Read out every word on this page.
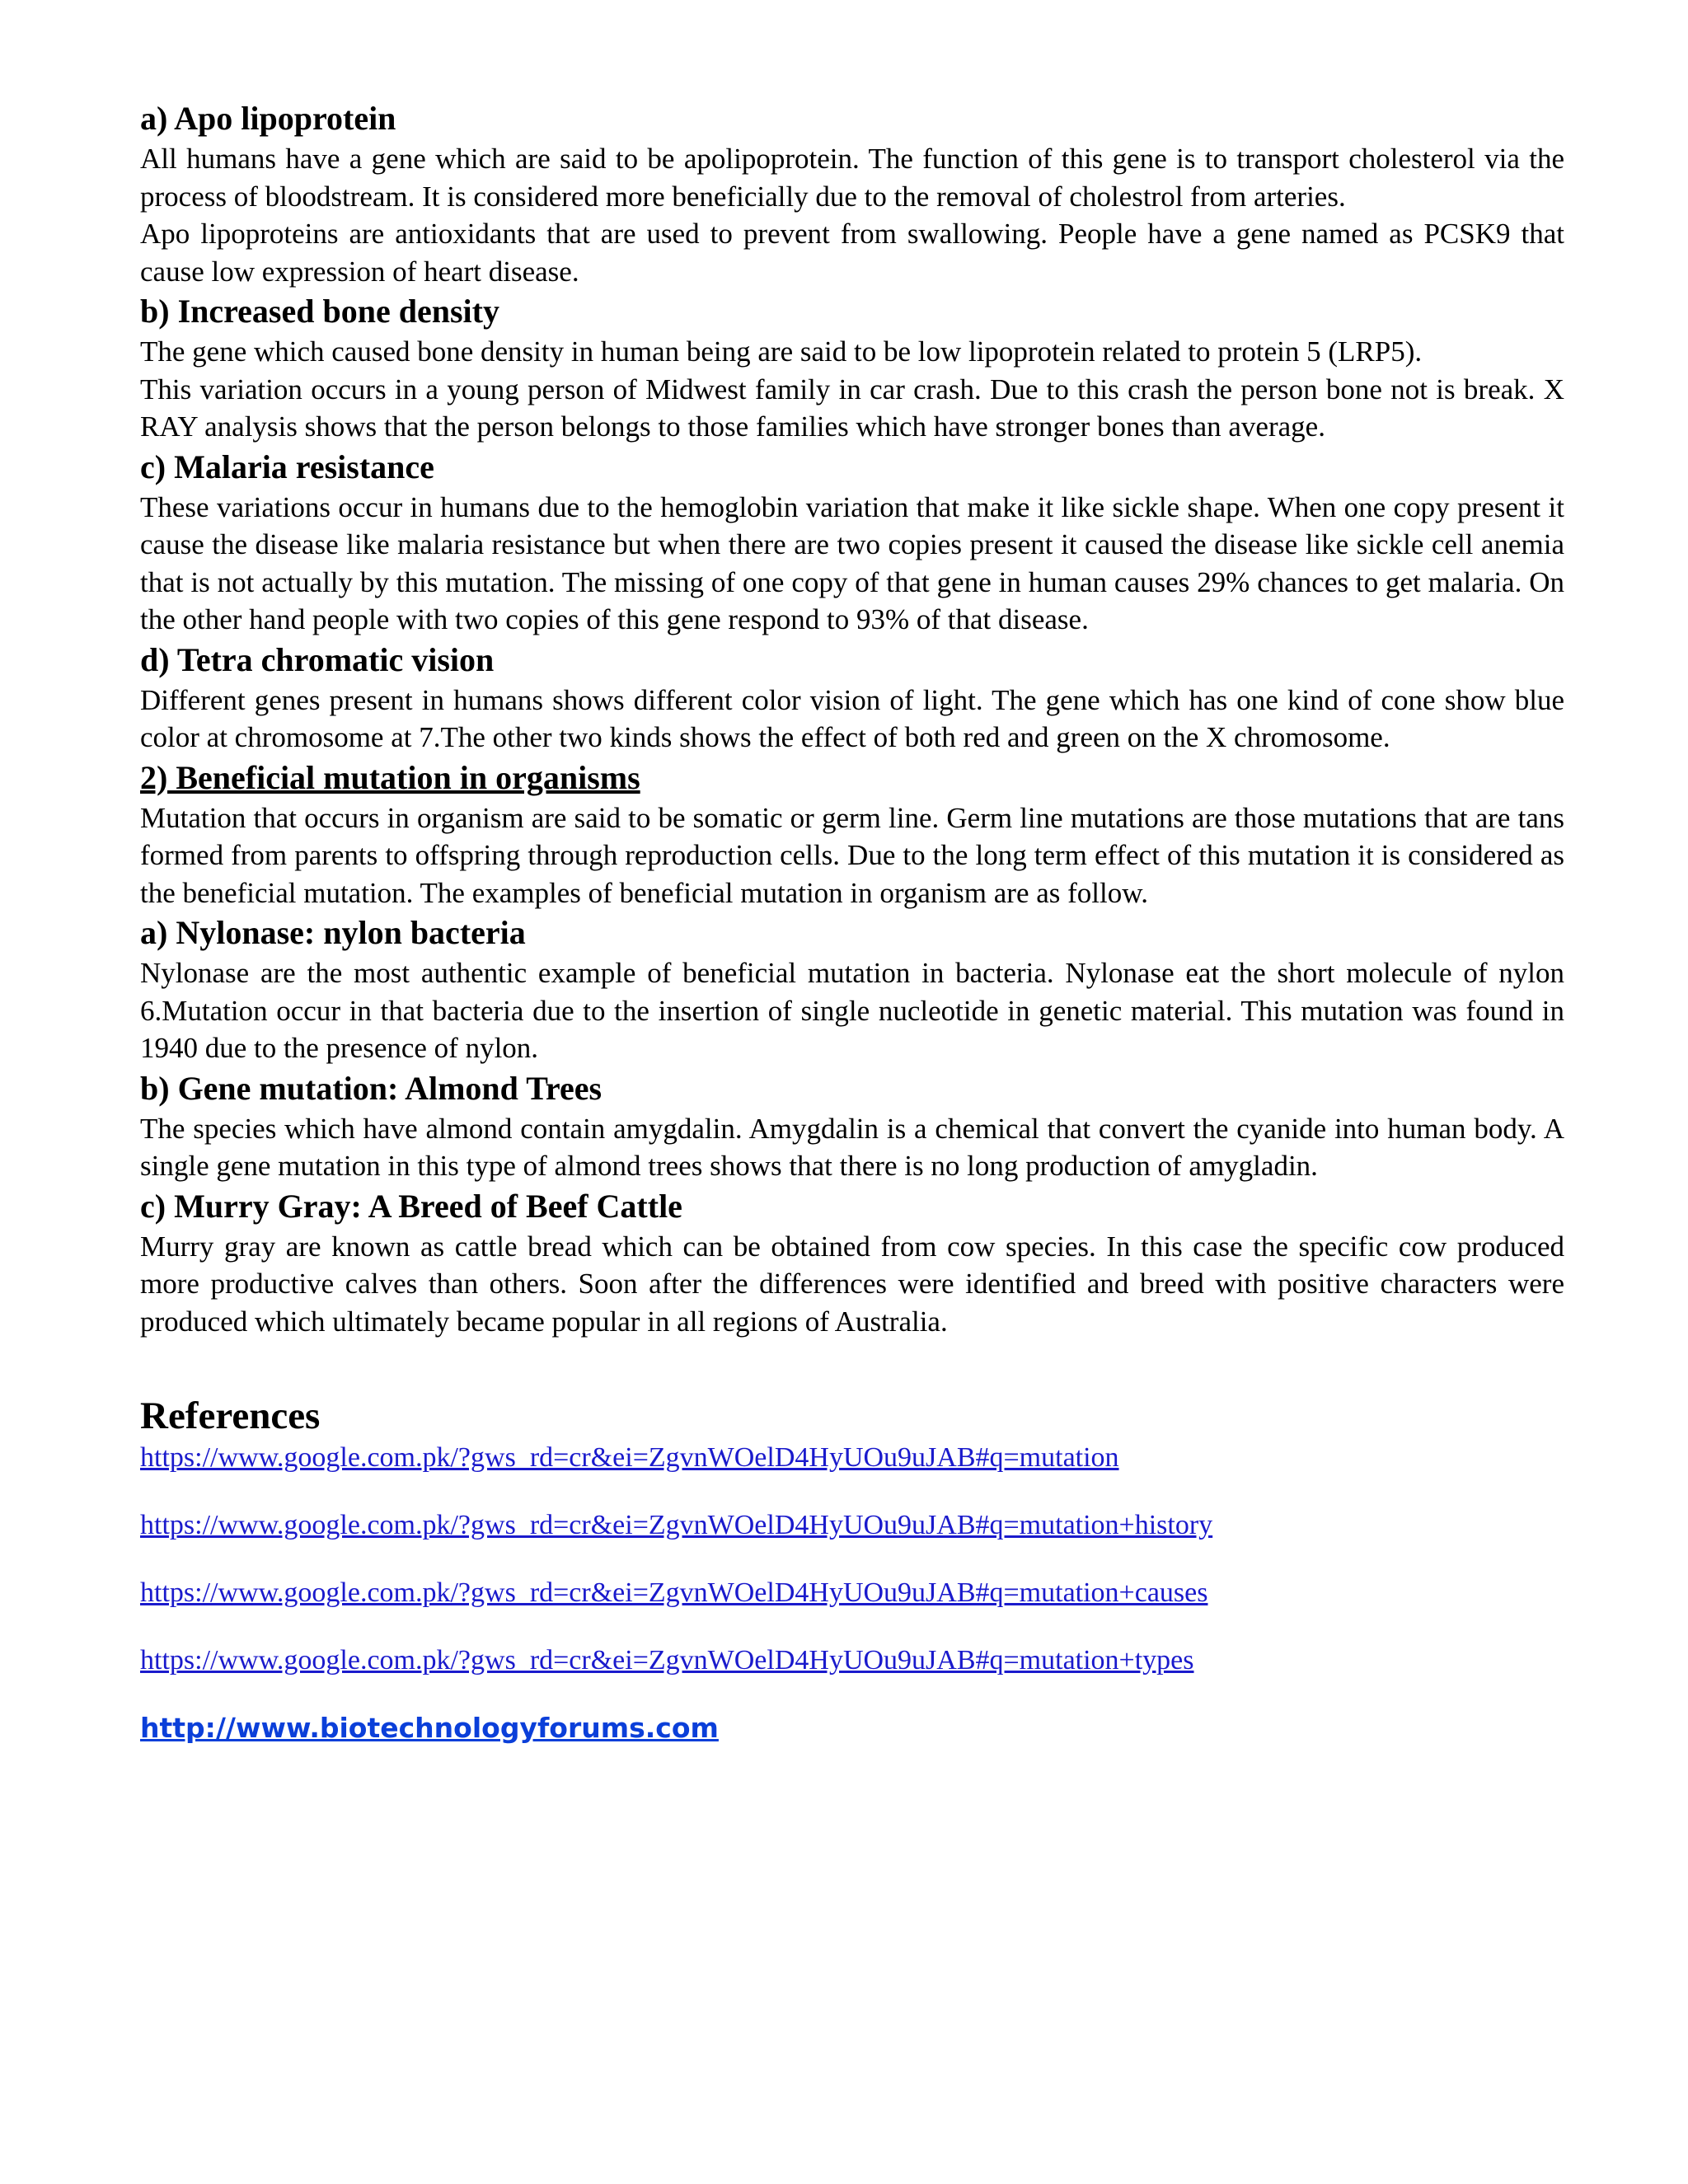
a) Apo lipoprotein

All humans have a gene which are said to be apolipoprotein. The function of this gene is to transport cholesterol via the process of bloodstream. It is considered more beneficially due to the removal of cholestrol from arteries.

Apo lipoproteins are antioxidants that are used to prevent from swallowing. People have a gene named as PCSK9 that cause low expression of heart disease.

b) Increased bone density

The gene which caused bone density in human being are said to be low lipoprotein related to protein 5 (LRP5).

This variation occurs in a young person of Midwest family in car crash. Due to this crash the person bone not is break. X RAY analysis shows that the person belongs to those families which have stronger bones than average.

c) Malaria resistance

These variations occur in humans due to the hemoglobin variation that make it like sickle shape. When one copy present it cause the disease like malaria resistance but when there are two copies present it caused the disease like sickle cell anemia that is not actually by this mutation. The missing of one copy of that gene in human causes 29% chances to get malaria. On the other hand people with two copies of this gene respond to 93% of that disease.

d) Tetra chromatic vision

Different genes present in humans shows different color vision of light. The gene which has one kind of cone show blue color at chromosome at 7.The other two kinds shows the effect of both red and green on the X chromosome.

2) Beneficial mutation in organisms

Mutation that occurs in organism are said to be somatic or germ line. Germ line mutations are those mutations that are tans formed from parents to offspring through reproduction cells. Due to the long term effect of this mutation it is considered as the beneficial mutation. The examples of beneficial mutation in organism are as follow.

a) Nylonase: nylon bacteria

Nylonase are the most authentic example of beneficial mutation in bacteria. Nylonase eat the short molecule of nylon 6.Mutation occur in that bacteria due to the insertion of single nucleotide in genetic material. This mutation was found in 1940 due to the presence of nylon.

b) Gene mutation: Almond Trees

The species which have almond contain amygdalin. Amygdalin is a chemical that convert the cyanide into human body. A single gene mutation in this type of almond trees shows that there is no long production of amygladin.

c) Murry Gray: A Breed of Beef Cattle

Murry gray are known as cattle bread which can be obtained from cow species. In this case the specific cow produced more productive calves than others. Soon after the differences were identified and breed with positive characters were produced which ultimately became popular in all regions of Australia.

References
https://www.google.com.pk/?gws_rd=cr&ei=ZgvnWOelD4HyUOu9uJAB#q=mutation
https://www.google.com.pk/?gws_rd=cr&ei=ZgvnWOelD4HyUOu9uJAB#q=mutation+history
https://www.google.com.pk/?gws_rd=cr&ei=ZgvnWOelD4HyUOu9uJAB#q=mutation+causes
https://www.google.com.pk/?gws_rd=cr&ei=ZgvnWOelD4HyUOu9uJAB#q=mutation+types
http://www.biotechnologyforums.com
